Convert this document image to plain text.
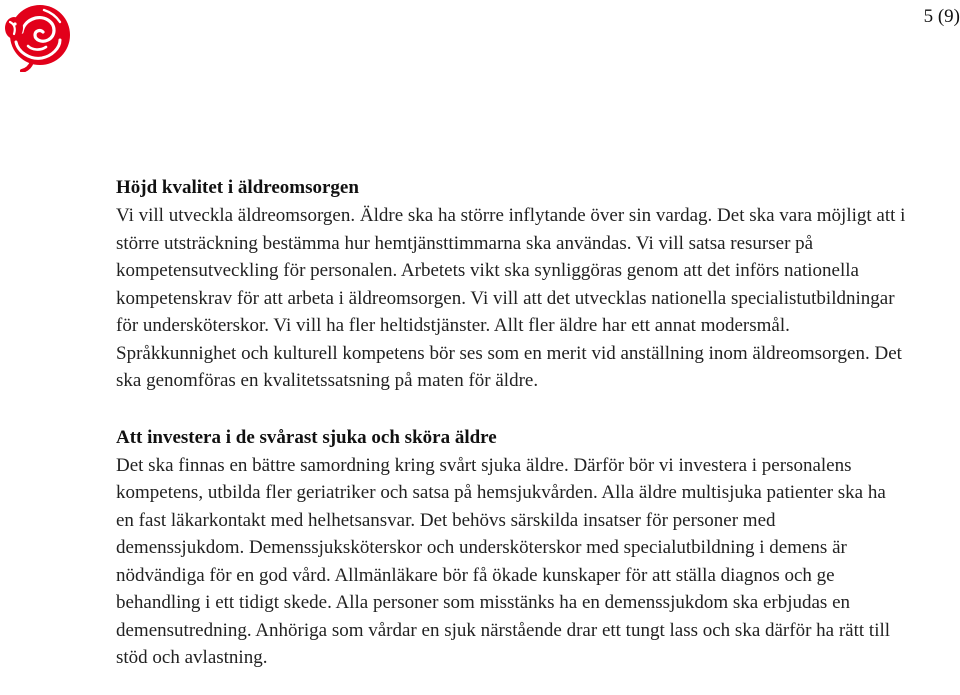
5 (9)

Höjd kvalitet i äldreomsorgen

Vi vill utveckla äldreomsorgen. Äldre ska ha större inflytande över sin vardag. Det ska vara möjligt att i större utsträckning bestämma hur hemtjänsttimmarna ska användas. Vi vill satsa resurser på kompetensutveckling för personalen. Arbetets vikt ska synliggöras genom att det införs nationella kompetenskrav för att arbeta i äldreomsorgen. Vi vill att det utvecklas nationella specialistutbildningar för undersköterskor. Vi vill ha fler heltidstjänster. Allt fler äldre har ett annat modersmål. Språkkunnighet och kulturell kompetens bör ses som en merit vid anställning inom äldreomsorgen. Det ska genomföras en kvalitetssatsning på maten för äldre.

Att investera i de svårast sjuka och sköra äldre

Det ska finnas en bättre samordning kring svårt sjuka äldre. Därför bör vi investera i personalens kompetens, utbilda fler geriatriker och satsa på hemsjukvården. Alla äldre multisjuka patienter ska ha en fast läkarkontakt med helhetsansvar. Det behövs särskilda insatser för personer med demenssjukdom. Demenssjuksköterskor och undersköterskor med specialutbildning i demens är nödvändiga för en god vård. Allmänläkare bör få ökade kunskaper för att ställa diagnos och ge behandling i ett tidigt skede. Alla personer som misstänks ha en demenssjukdom ska erbjudas en demensutredning. Anhöriga som vårdar en sjuk närstående drar ett tungt lass och ska därför ha rätt till stöd och avlastning.
